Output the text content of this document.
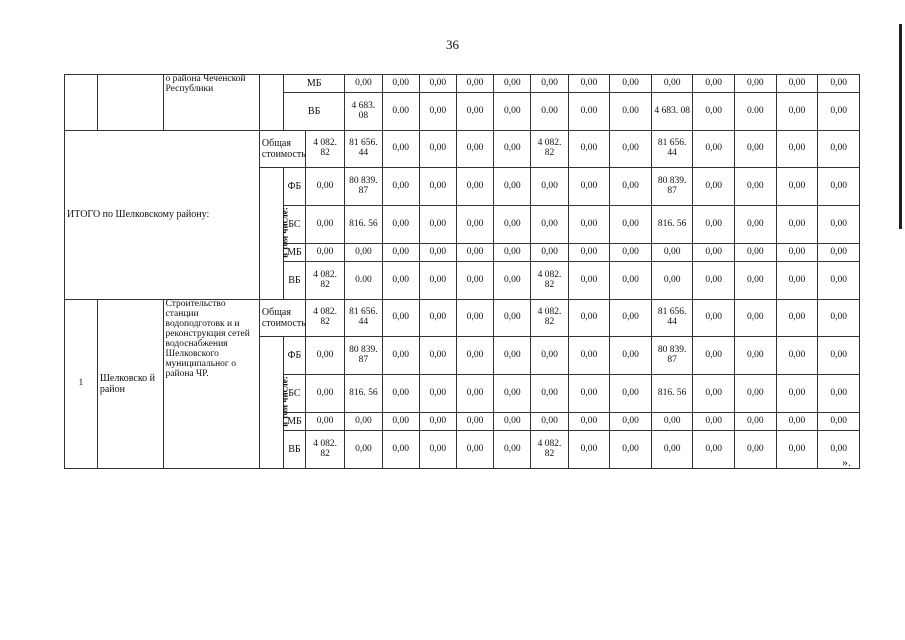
36
		о района Чеченской Республики		МБ		0,00	0,00	0,00	0,00	0,00	0,00	0,00	0,00	0,00	0,00	0,00	0,00	0,00
				ВБ		4 683. 08	0.00	0,00	0,00	0,00	0.00	0.00	0.00	4 683. 08	0,00	0.00	0,00	0,00
ИТОГО по Шелковскому району:			Общая стоимость		4 082. 82	81 656. 44	0,00	0,00	0,00	0,00	4 082. 82	0,00	0,00	81 656. 44	0,00	0,00	0,00	0,00
			в том числе:	ФБ	0,00	80 839. 87	0,00	0,00	0,00	0,00	0,00	0,00	0,00	80 839. 87	0,00	0,00	0,00	0,00
				БС	0,00	816. 56	0,00	0,00	0,00	0,00	0,00	0,00	0,00	816. 56	0,00	0,00	0,00	0,00
				МБ	0,00	0,00	0,00	0,00	0,00	0,00	0,00	0,00	0,00	0,00	0,00	0,00	0,00	0,00
				ВБ	4 082. 82	0.00	0,00	0,00	0,00	0,00	4 082. 82	0,00	0,00	0,00	0,00	0,00	0,00	0,00
1	Шелковско й район	Строительство станции водоподготовк и и реконструкция сетей водоснабжения Шелковского муниципальног о района ЧР.	Общая стоимость		4 082. 82	81 656. 44	0,00	0,00	0,00	0,00	4 082. 82	0,00	0,00	81 656. 44	0,00	0,00	0,00	0,00
			в том числе:	ФБ	0,00	80 839. 87	0,00	0,00	0,00	0,00	0,00	0,00	0,00	80 839. 87	0,00	0,00	0,00	0,00
				БС	0,00	816. 56	0,00	0,00	0,00	0,00	0,00	0,00	0,00	816. 56	0,00	0,00	0,00	0,00
				МБ	0,00	0,00	0,00	0,00	0,00	0,00	0,00	0,00	0,00	0,00	0,00	0,00	0,00	0,00
				ВБ	4 082. 82	0,00	0,00	0,00	0,00	0,00	4 082. 82	0,00	0,00	0,00	0,00	0,00	0,00	0,00
».
